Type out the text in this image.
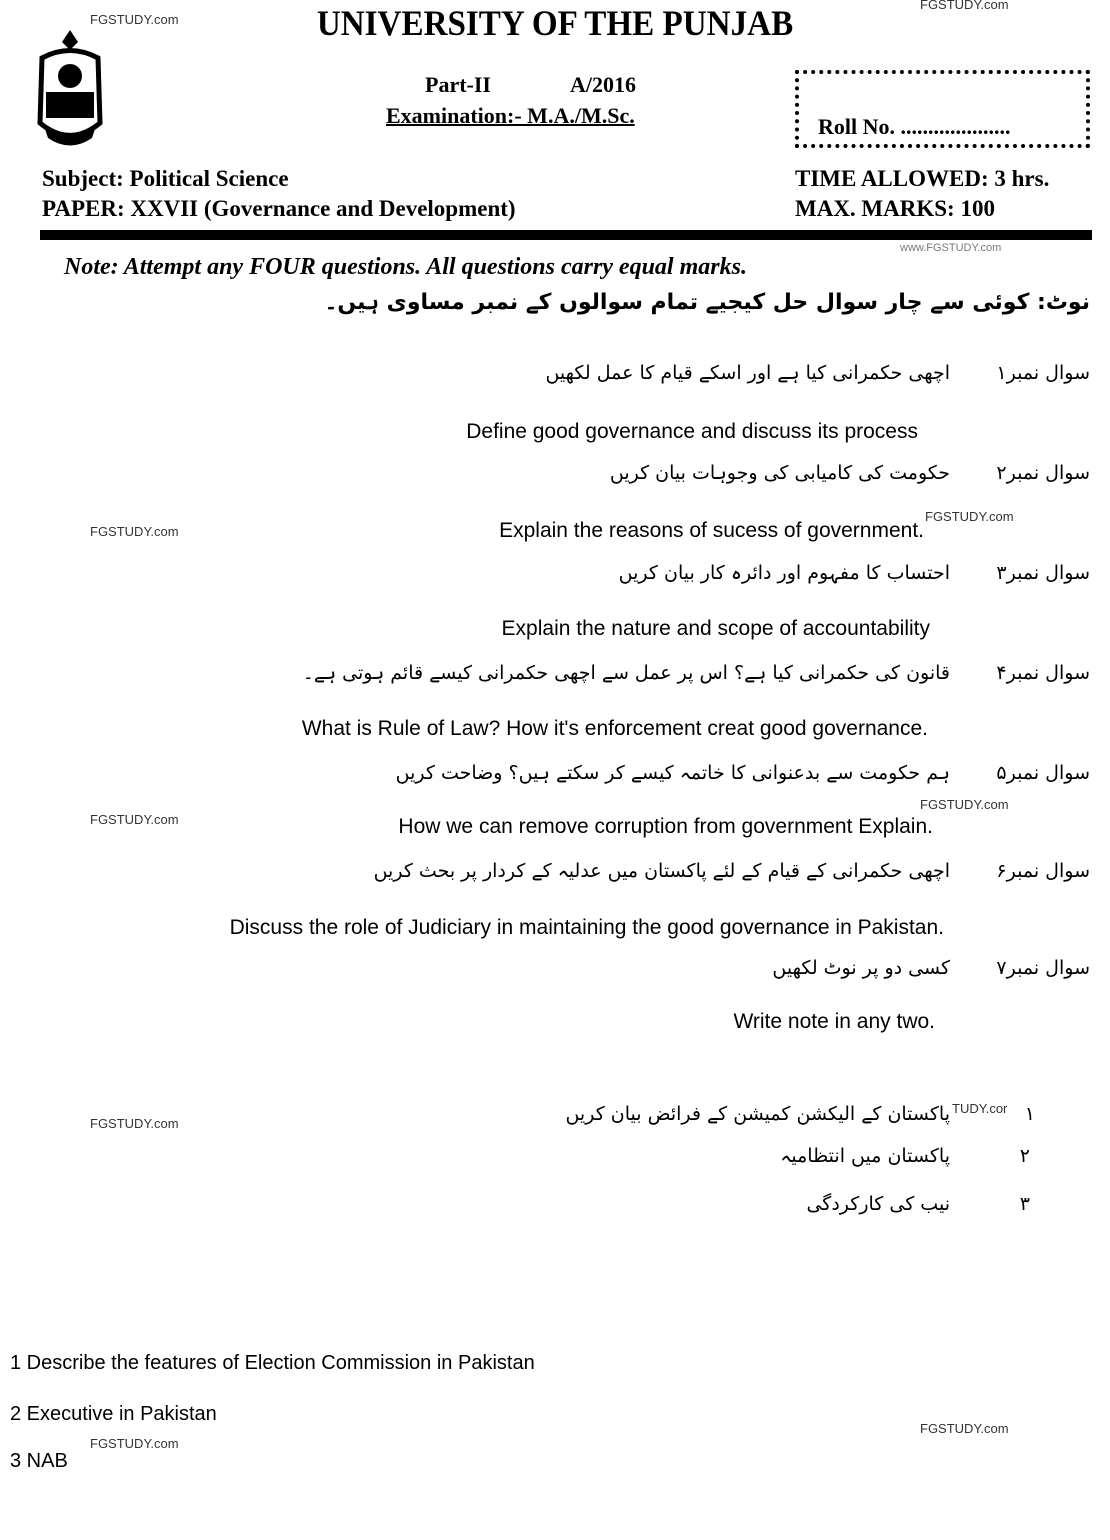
FGSTUDY.com
FGSTUDY.com
www.FGSTUDY.com
FGSTUDY.com
FGSTUDY.com
FGSTUDY.com
FGSTUDY.com
FGSTUDY.com
TUDY.cor
FGSTUDY.com
FGSTUDY.com
UNIVERSITY OF THE PUNJAB
Part-II	A/2016
Examination:- M.A./M.Sc.	Roll No. ....................
Subject: Political Science
PAPER: XXVII (Governance and Development)
TIME ALLOWED: 3 hrs.
MAX. MARKS: 100
Note: Attempt any FOUR questions. All questions carry equal marks.
نوٹ: کوئی سے چار سوال حل کیجیے تمام سوالوں کے نمبر مساوی ہیں۔
سوال نمبر۱
اچھی حکمرانی کیا ہے اور اسکے قیام کا عمل لکھیں
Define good governance and discuss its process
سوال نمبر۲
حکومت کی کامیابی کی وجوہات بیان کریں
Explain the reasons of sucess of government.
سوال نمبر۳
احتساب کا مفہوم اور دائرہ کار بیان کریں
Explain the nature and scope of accountability
سوال نمبر۴
قانون کی حکمرانی کیا ہے؟ اس پر عمل سے اچھی حکمرانی کیسے قائم ہوتی ہے۔
What is Rule of Law? How it's enforcement creat good governance.
سوال نمبر۵
ہم حکومت سے بدعنوانی کا خاتمہ کیسے کر سکتے ہیں؟ وضاحت کریں
How we can remove corruption from government Explain.
سوال نمبر۶
اچھی حکمرانی کے قیام کے لئے پاکستان میں عدلیہ کے کردار پر بحث کریں
Discuss the role of Judiciary in maintaining the good governance in Pakistan.
سوال نمبر۷
کسی دو پر نوٹ لکھیں
Write note in any two.
۱
پاکستان کے الیکشن کمیشن کے فرائض بیان کریں
۲
پاکستان میں انتظامیہ
۳
نیب کی کارکردگی
1 Describe the features of Election Commission in Pakistan
2 Executive in Pakistan
3 NAB
